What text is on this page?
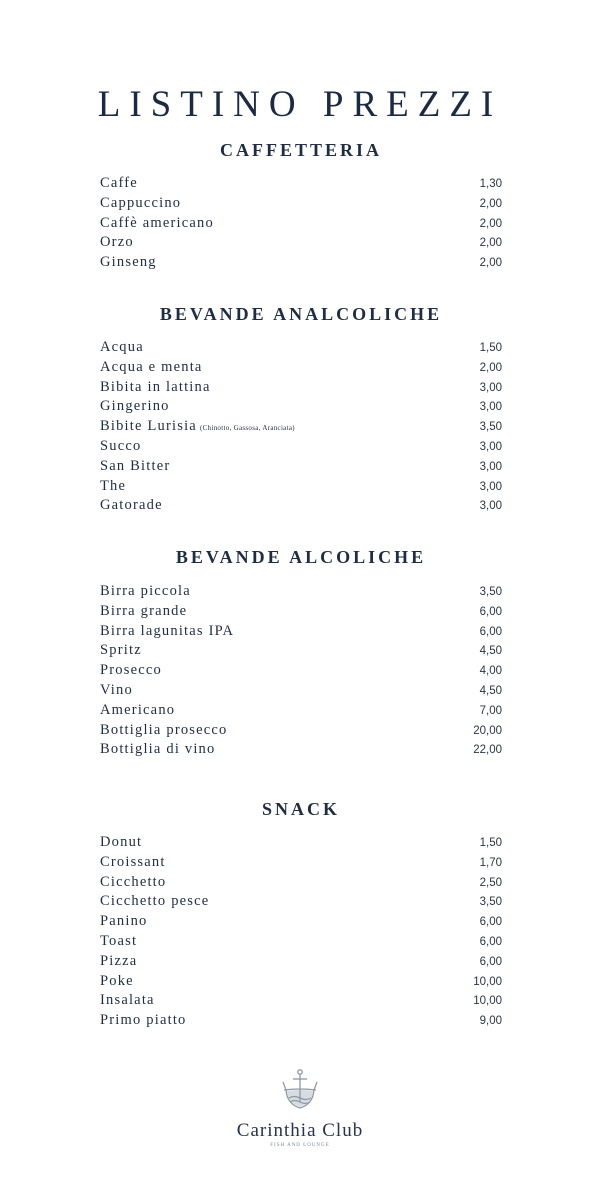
LISTINO PREZZI
CAFFETTERIA
Caffe	1,30
Cappuccino	2,00
Caffè americano	2,00
Orzo	2,00
Ginseng	2,00
BEVANDE ANALCOLICHE
Acqua	1,50
Acqua e menta	2,00
Bibita in lattina	3,00
Gingerino	3,00
Bibite Lurisia (Chinotto, Gassosa, Aranciata)	3,50
Succo	3,00
San Bitter	3,00
The	3,00
Gatorade	3,00
BEVANDE ALCOLICHE
Birra piccola	3,50
Birra grande	6,00
Birra lagunitas IPA	6,00
Spritz	4,50
Prosecco	4,00
Vino	4,50
Americano	7,00
Bottiglia prosecco	20,00
Bottiglia di vino	22,00
SNACK
Donut	1,50
Croissant	1,70
Cicchetto	2,50
Cicchetto pesce	3,50
Panino	6,00
Toast	6,00
Pizza	6,00
Poke	10,00
Insalata	10,00
Primo piatto	9,00
Carinthia Club
FISH AND LOUNGE
